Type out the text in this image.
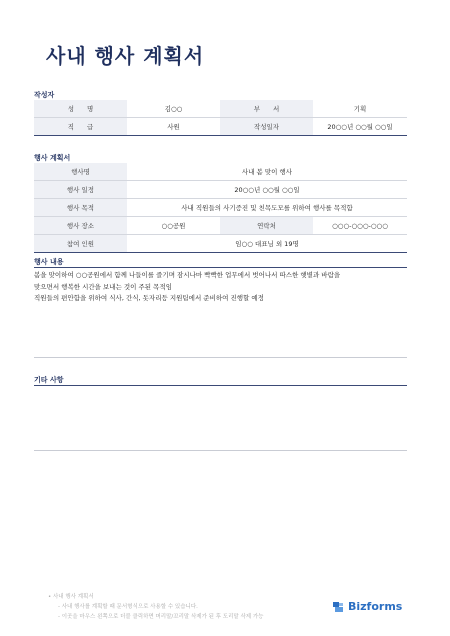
사내 행사 계획서
작성자
성　　명	김○○	부　　서	기획
직　　급	사원	작성일자	20○○년 ○○월 ○○일
행사 계획서
행사명	사내 봄 맞이 행사		
행사 일정	20○○년 ○○월 ○○일		
행사 목적	사내 직원들의 사기증진 및 친목도모를 위하여 행사를 목적함		
행사 장소	○○공원	연락처	○○○-○○○-○○○
참여 인원	임○○ 대표님 외 19명		
행사 내용

봄을 맞이하여 ○○공원에서 함께 나들이를 즐기며 잠시나마 빡빡한 업무에서 벗어나서 따스한 햇볕과 바람을

맞으면서 행복한 시간을 보내는 것이 주된 목적임

직원들의 편안함을 위하여 식사, 간식, 돗자리등 지원팀에서 준비하여 진행할 예정

기타 사항
• 사내 행사 계획서
- 사내 행사를 계획할 때 문서형식으로 사용할 수 있습니다.
- 이곳을 마우스 왼쪽으로 더블 클릭하면 머리말/꼬리말 삭제가 된 후 도리말 삭제 가능
Bizforms
